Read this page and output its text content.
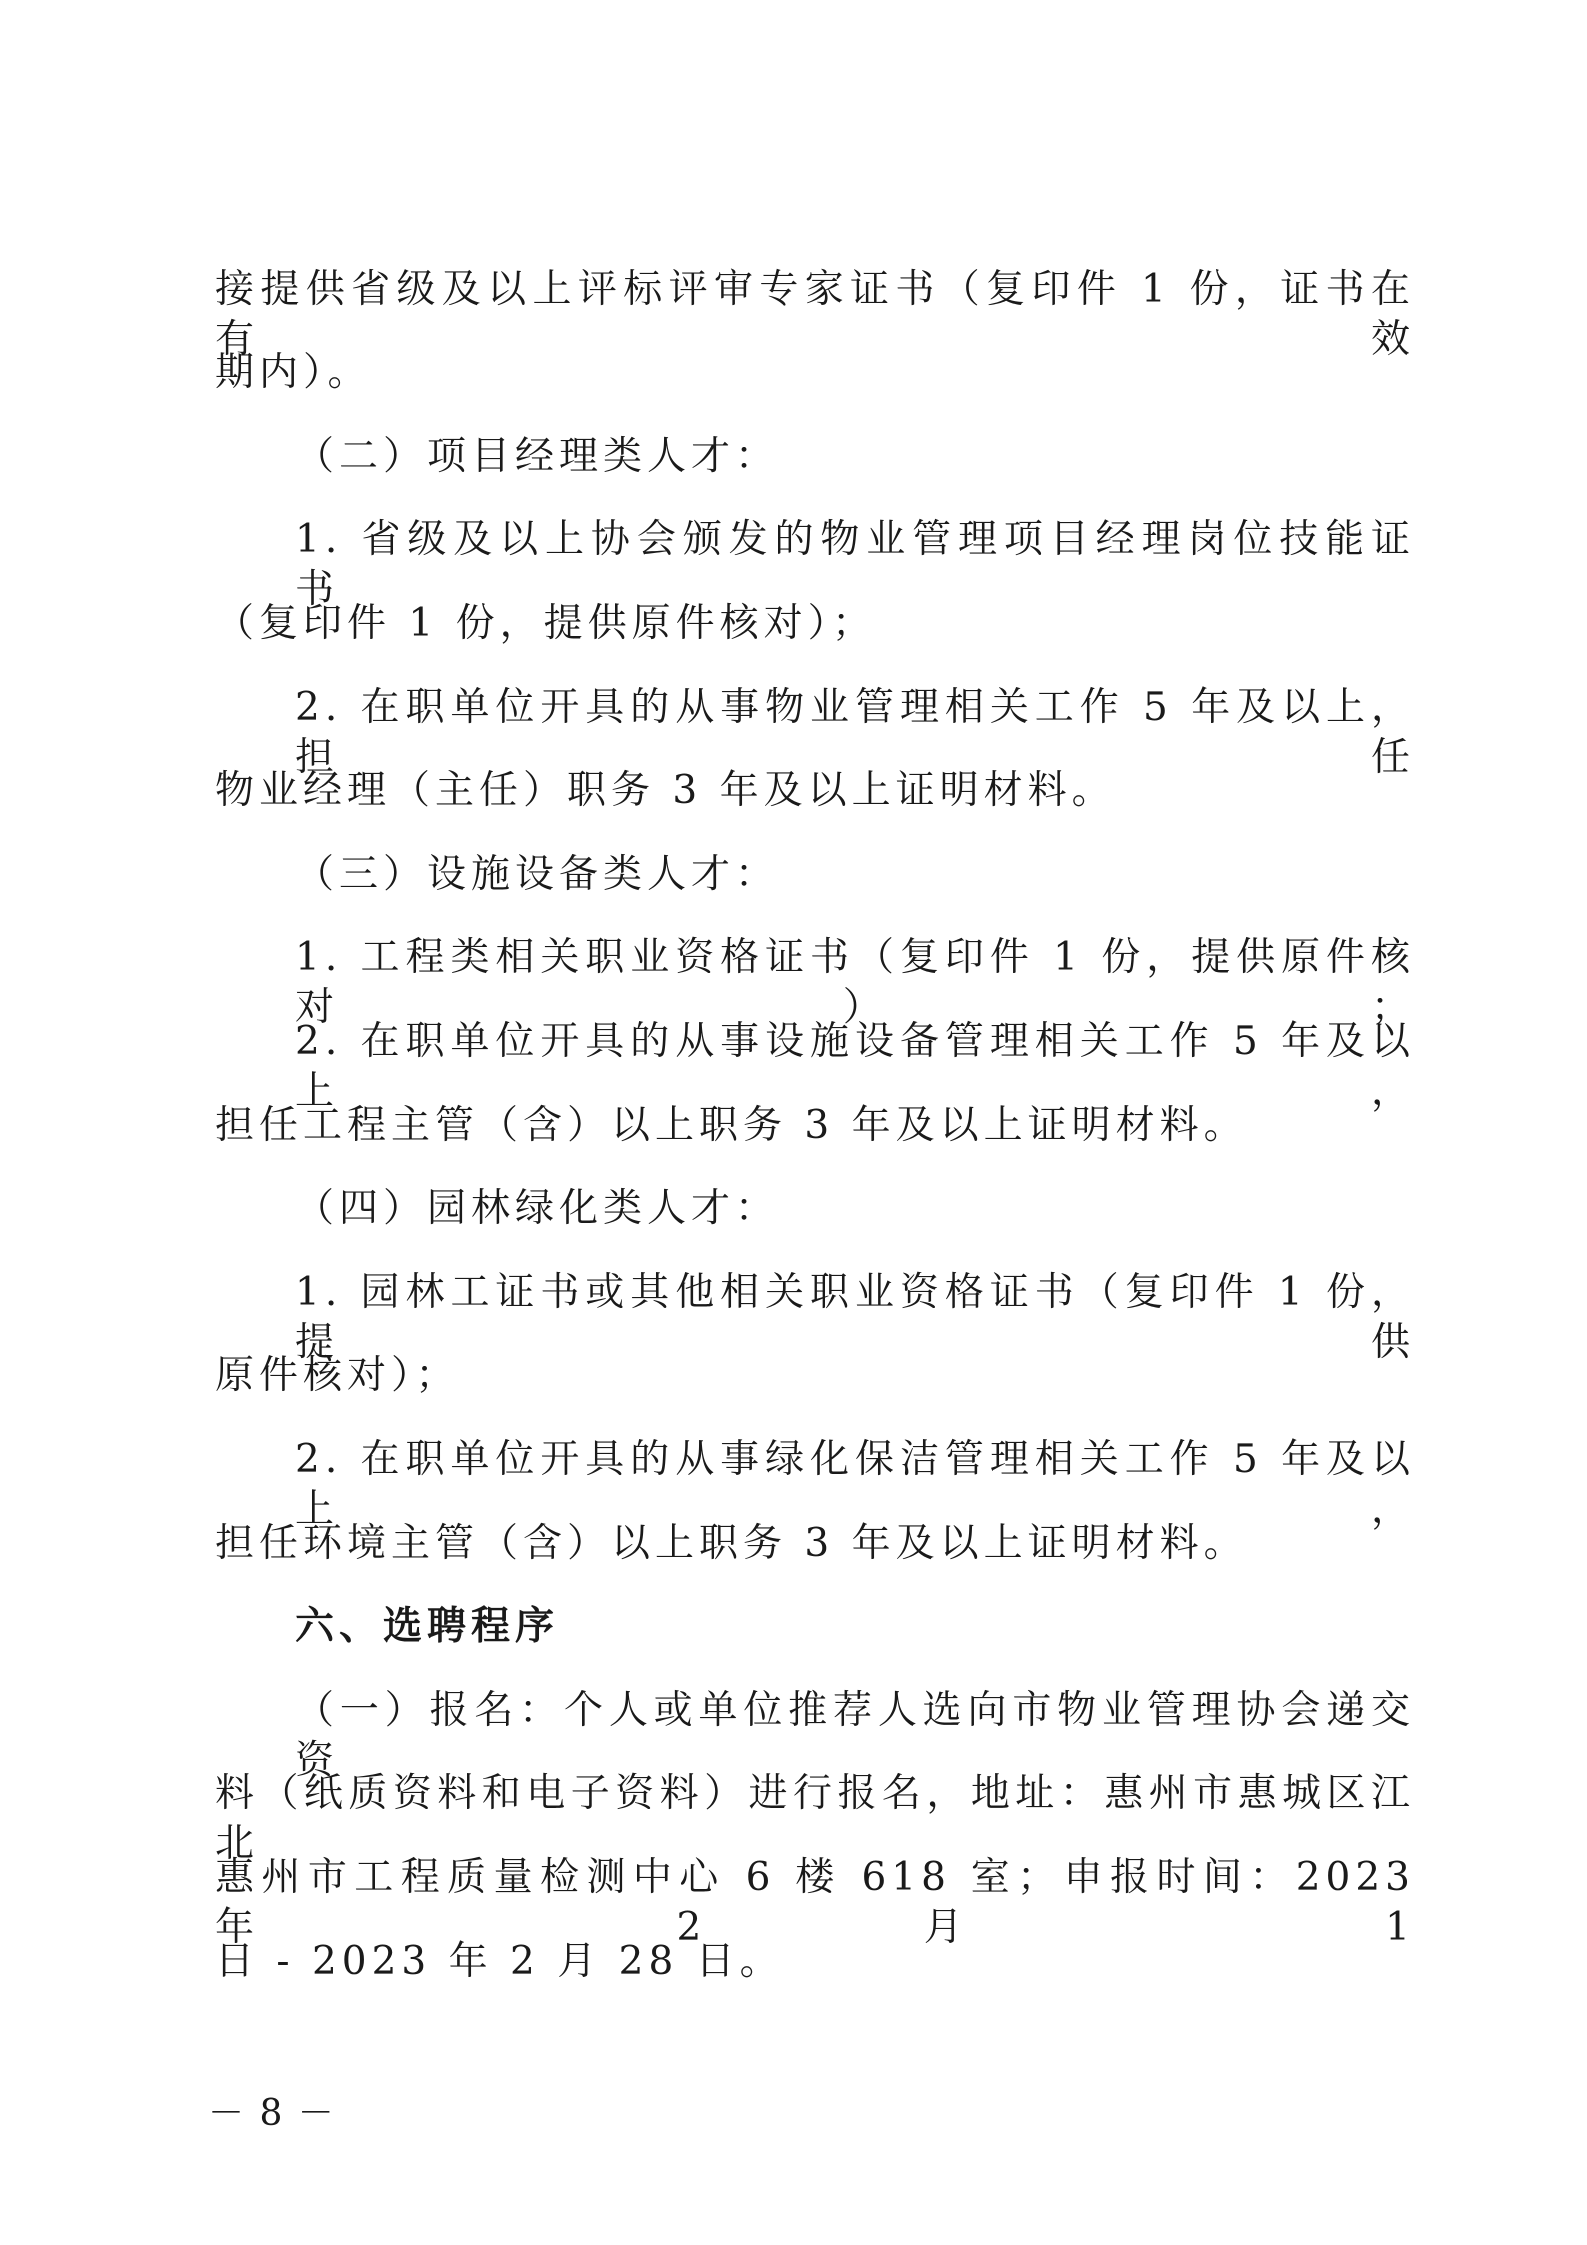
接提供省级及以上评标评审专家证书（复印件 1 份，证书在有效
期内）。
（二）项目经理类人才：
1. 省级及以上协会颁发的物业管理项目经理岗位技能证书
（复印件 1 份，提供原件核对）；
2. 在职单位开具的从事物业管理相关工作 5 年及以上，担任
物业经理（主任）职务 3 年及以上证明材料。
（三）设施设备类人才：
1. 工程类相关职业资格证书（复印件 1 份，提供原件核对）；
2. 在职单位开具的从事设施设备管理相关工作 5 年及以上，
担任工程主管（含）以上职务 3 年及以上证明材料。
（四）园林绿化类人才：
1. 园林工证书或其他相关职业资格证书（复印件 1 份，提供
原件核对）；
2. 在职单位开具的从事绿化保洁管理相关工作 5 年及以上，
担任环境主管（含）以上职务 3 年及以上证明材料。
六、选聘程序
（一）报名：个人或单位推荐人选向市物业管理协会递交资
料（纸质资料和电子资料）进行报名，地址：惠州市惠城区江北
惠州市工程质量检测中心 6 楼 618 室；申报时间：2023 年 2 月 1
日 - 2023 年 2 月 28 日。
－ 8 －
